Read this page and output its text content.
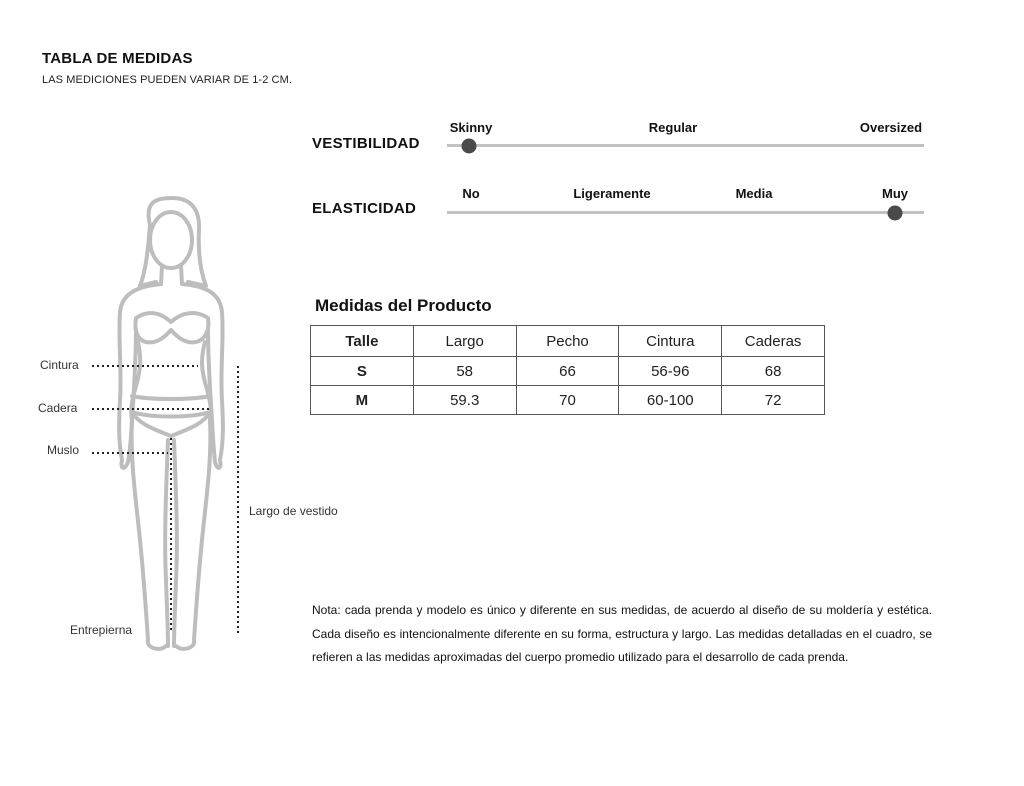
TABLA DE MEDIDAS
LAS MEDICIONES PUEDEN VARIAR DE 1-2 CM.
VESTIBILIDAD
Skinny	Regular	Oversized
ELASTICIDAD
No	Ligeramente	Media	Muy
Medidas del Producto
Talle	Largo	Pecho	Cintura	Caderas
S	58	66	56-96	68
M	59.3	70	60-100	72
Cintura
Cadera
Muslo
Entrepierna
Largo de vestido
Nota: cada prenda y modelo es único y diferente en sus medidas, de acuerdo al diseño de su moldería y estética. Cada diseño es intencionalmente diferente en su forma, estructura y largo. Las medidas detalladas en el cuadro, se refieren a las medidas aproximadas del cuerpo promedio utilizado para el desarrollo de cada prenda.
